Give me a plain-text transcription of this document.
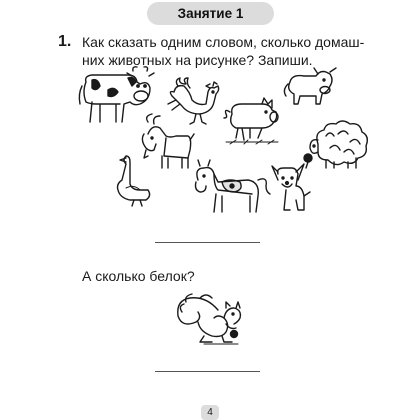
Занятие 1
1. Как сказать одним словом, сколько домаш-
них животных на рисунке? Запиши.
А сколько белок?
4
